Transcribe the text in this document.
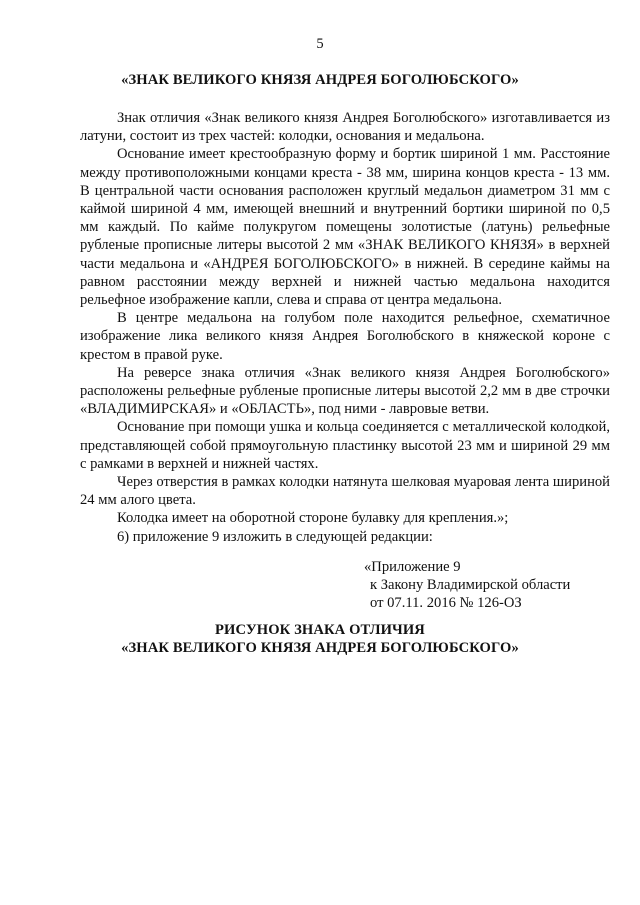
5
«ЗНАК ВЕЛИКОГО КНЯЗЯ АНДРЕЯ БОГОЛЮБСКОГО»

Знак отличия «Знак великого князя Андрея Боголюбского» изготавливается из латуни, состоит из трех частей: колодки, основания и медальона.

Основание имеет крестообразную форму и бортик шириной 1 мм. Расстояние между противоположными концами креста - 38 мм, ширина концов креста - 13 мм. В центральной части основания расположен круглый медальон диаметром 31 мм с каймой шириной 4 мм, имеющей внешний и внутренний бортики шириной по 0,5 мм каждый. По кайме полукругом помещены золотистые (латунь) рельефные рубленые прописные литеры высотой 2 мм «ЗНАК ВЕЛИКОГО КНЯЗЯ» в верхней части медальона и «АНДРЕЯ БОГОЛЮБСКОГО» в нижней. В середине каймы на равном расстоянии между верхней и нижней частью медальона находится рельефное изображение капли, слева и справа от центра медальона.

В центре медальона на голубом поле находится рельефное, схематичное изображение лика великого князя Андрея Боголюбского в княжеской короне с крестом в правой руке.

На реверсе знака отличия «Знак великого князя Андрея Боголюбского» расположены рельефные рубленые прописные литеры высотой 2,2 мм в две строчки «ВЛАДИМИРСКАЯ» и «ОБЛАСТЬ», под ними - лавровые ветви.

Основание при помощи ушка и кольца соединяется с металлической колодкой, представляющей собой прямоугольную пластинку высотой 23 мм и шириной 29 мм с рамками в верхней и нижней частях.

Через отверстия в рамках колодки натянута шелковая муаровая лента шириной 24 мм алого цвета.

Колодка имеет на оборотной стороне булавку для крепления.»;

6) приложение 9 изложить в следующей редакции:

«Приложение 9
к Закону Владимирской области
от 07.11. 2016 № 126-ОЗ
РИСУНОК ЗНАКА ОТЛИЧИЯ
«ЗНАК ВЕЛИКОГО КНЯЗЯ АНДРЕЯ БОГОЛЮБСКОГО»
